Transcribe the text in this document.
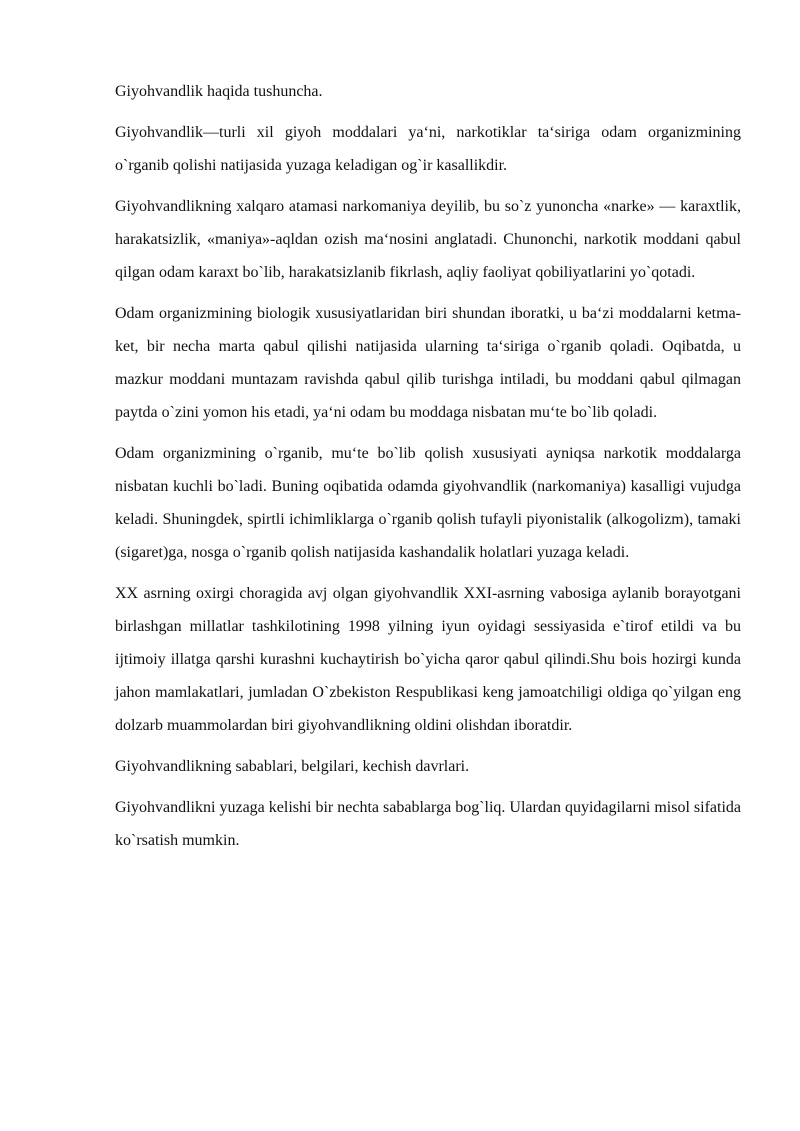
Giyohvandlik haqida tushuncha.

Giyohvandlik—turli xil giyoh moddalari ya‘ni, narkotiklar ta‘siriga odam organizmining o`rganib qolishi natijasida yuzaga keladigan og`ir kasallikdir.

Giyohvandlikning xalqaro atamasi narkomaniya deyilib, bu so`z yunoncha «narke» — karaxtlik, harakatsizlik, «maniya»-aqldan ozish ma‘nosini anglatadi. Chunonchi, narkotik moddani qabul qilgan odam karaxt bo`lib, harakatsizlanib fikrlash, aqliy faoliyat qobiliyatlarini yo`qotadi.

Odam organizmining biologik xususiyatlaridan biri shundan iboratki, u ba‘zi moddalarni ketma-ket, bir necha marta qabul qilishi natijasida ularning ta‘siriga o`rganib qoladi. Oqibatda, u mazkur moddani muntazam ravishda qabul qilib turishga intiladi, bu moddani qabul qilmagan paytda o`zini yomon his etadi, ya‘ni odam bu moddaga nisbatan mu‘te bo`lib qoladi.

Odam organizmining o`rganib, mu‘te bo`lib qolish xususiyati ayniqsa narkotik moddalarga nisbatan kuchli bo`ladi. Buning oqibatida odamda giyohvandlik (narkomaniya) kasalligi vujudga keladi. Shuningdek, spirtli ichimliklarga o`rganib qolish tufayli piyonistalik (alkogolizm), tamaki (sigaret)ga, nosga o`rganib qolish natijasida kashandalik holatlari yuzaga keladi.

XX asrning oxirgi choragida avj olgan giyohvandlik XXI-asrning vabosiga aylanib borayotgani birlashgan millatlar tashkilotining 1998 yilning iyun oyidagi sessiyasida e`tirof etildi va bu ijtimoiy illatga qarshi kurashni kuchaytirish bo`yicha qaror qabul qilindi.Shu bois hozirgi kunda jahon mamlakatlari, jumladan O`zbekiston Respublikasi keng jamoatchiligi oldiga qo`yilgan eng dolzarb muammolardan biri giyohvandlikning oldini olishdan iboratdir.

Giyohvandlikning sabablari, belgilari, kechish davrlari.

Giyohvandlikni yuzaga kelishi bir nechta sabablarga bog`liq. Ulardan quyidagilarni misol sifatida ko`rsatish mumkin.
